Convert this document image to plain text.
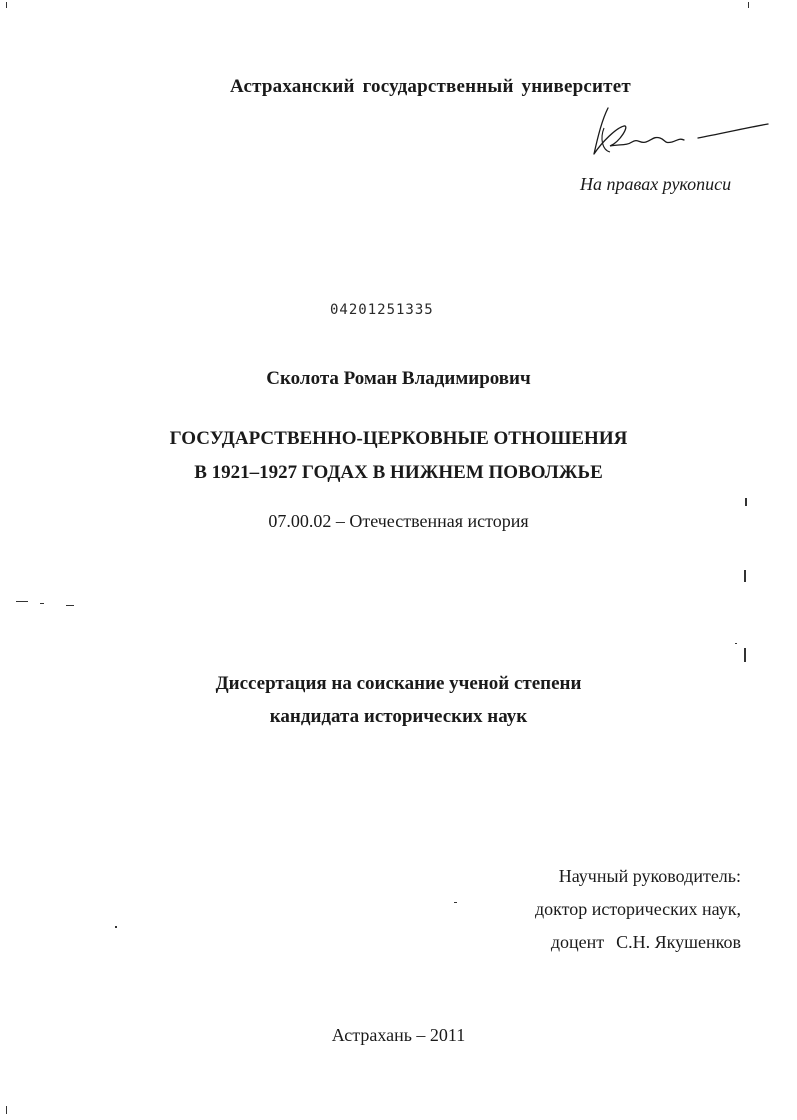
Астраханский государственный университет
На правах рукописи
04201251335
Сколота Роман Владимирович
ГОСУДАРСТВЕННО-ЦЕРКОВНЫЕ ОТНОШЕНИЯ
В 1921–1927 ГОДАХ В НИЖНЕМ ПОВОЛЖЬЕ
07.00.02 – Отечественная история
Диссертация на соискание ученой степени
кандидата исторических наук
Научный руководитель:
доктор исторических наук,
доцент С.Н. Якушенков
Астрахань – 2011
